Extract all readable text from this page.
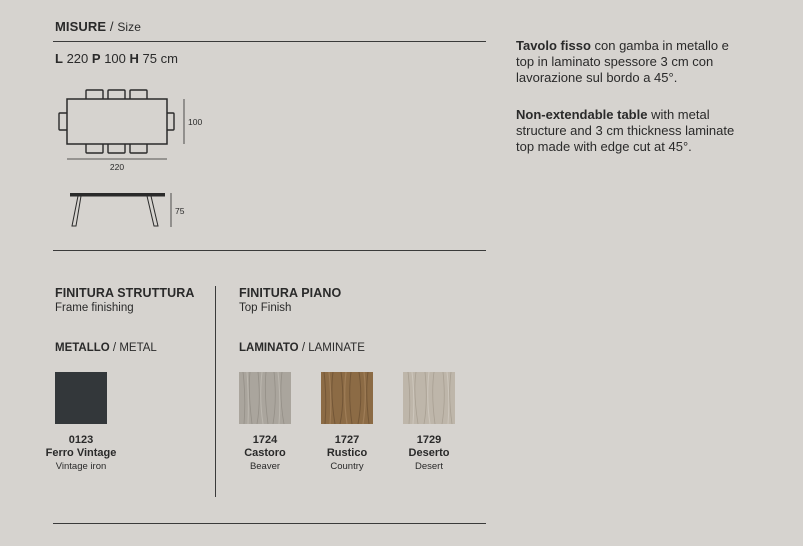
MISURE / Size
L 220 P 100 H 75 cm
220
100
75
Tavolo fisso con gamba in metallo e top in laminato spessore 3 cm con lavorazione sul bordo a 45°.
Non-extendable table with metal structure and 3 cm thickness laminate top made with edge cut at 45°.
FINITURA STRUTTURA
Frame finishing
METALLO / METAL
0123
Ferro Vintage
Vintage iron
FINITURA PIANO
Top Finish
LAMINATO / LAMINATE
1724
Castoro
Beaver
1727
Rustico
Country
1729
Deserto
Desert
